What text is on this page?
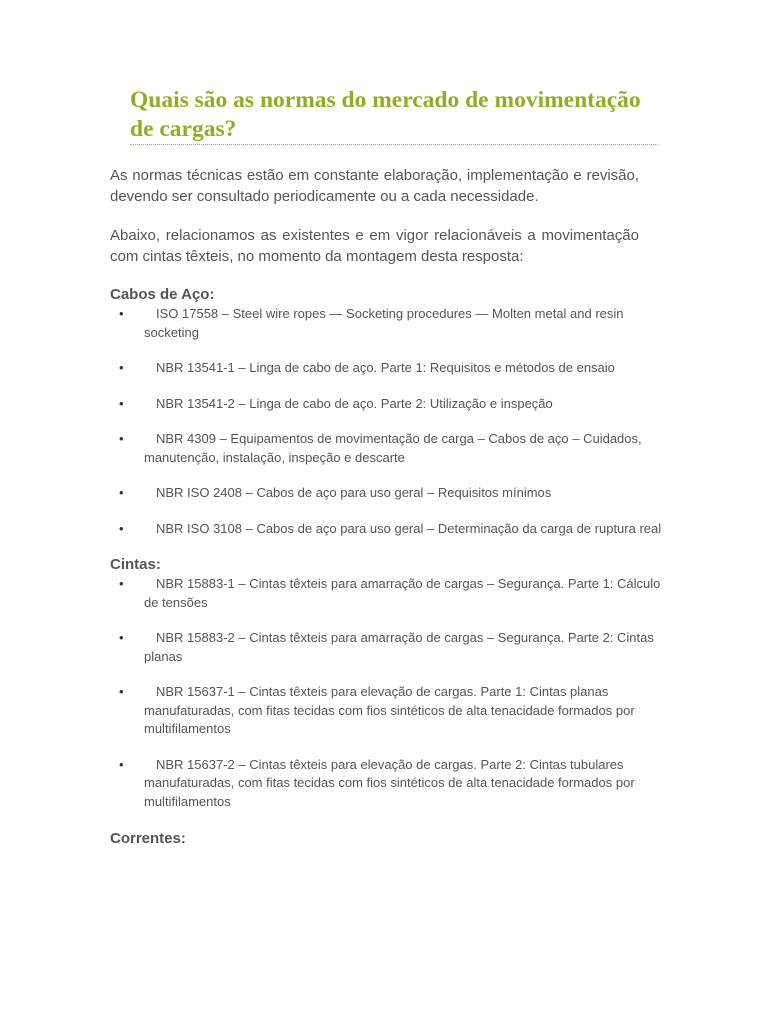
Quais são as normas do mercado de movimentação de cargas?

As normas técnicas estão em constante elaboração, implementação e revisão, devendo ser consultado periodicamente ou a cada necessidade.

Abaixo, relacionamos as existentes e em vigor relacionáveis a movimentação com cintas têxteis, no momento da montagem desta resposta:

Cabos de Aço:
•	ISO 17558 – Steel wire ropes — Socketing procedures — Molten metal and resin socketing
•	NBR 13541-1 – Linga de cabo de aço. Parte 1: Requisitos e métodos de ensaio
•	NBR 13541-2 – Linga de cabo de aço. Parte 2: Utilização e inspeção
•	NBR 4309 – Equipamentos de movimentação de carga – Cabos de aço – Cuidados, manutenção, instalação, inspeção e descarte
•	NBR ISO 2408 – Cabos de aço para uso geral – Requisitos mínimos
•	NBR ISO 3108 – Cabos de aço para uso geral – Determinação da carga de ruptura real
Cintas:
•	NBR 15883-1 – Cintas têxteis para amarração de cargas – Segurança. Parte 1: Cálculo de tensões
•	NBR 15883-2 – Cintas têxteis para amarração de cargas – Segurança. Parte 2: Cintas planas
•	NBR 15637-1 – Cintas têxteis para elevação de cargas. Parte 1: Cintas planas manufaturadas, com fitas tecidas com fios sintéticos de alta tenacidade formados por multifilamentos
•	NBR 15637-2 – Cintas têxteis para elevação de cargas. Parte 2: Cintas tubulares manufaturadas, com fitas tecidas com fios sintéticos de alta tenacidade formados por multifilamentos
Correntes:
